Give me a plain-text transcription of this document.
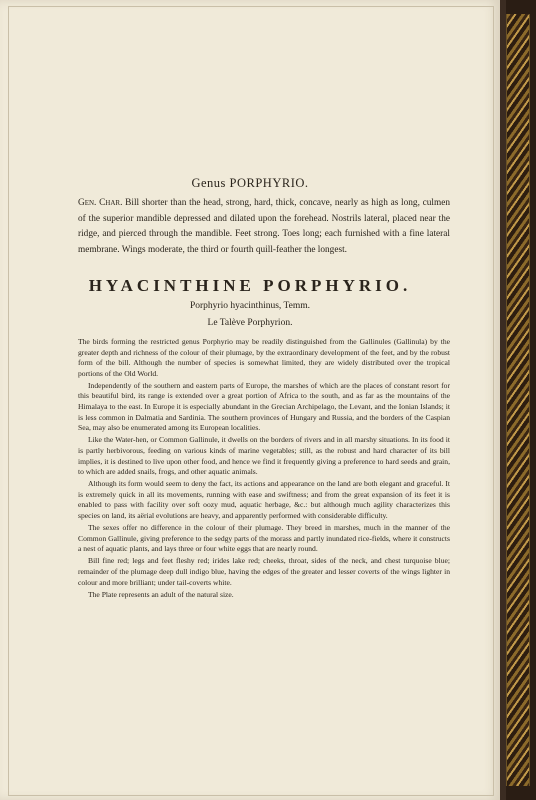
Genus PORPHYRIO.
Gen. Char. Bill shorter than the head, strong, hard, thick, concave, nearly as high as long, culmen of the superior mandible depressed and dilated upon the forehead. Nostrils lateral, placed near the ridge, and pierced through the mandible. Feet strong. Toes long; each furnished with a fine lateral membrane. Wings moderate, the third or fourth quill-feather the longest.
HYACINTHINE PORPHYRIO.
Porphyrio hyacinthinus, Temm.
Le Talève Porphyrion.

The birds forming the restricted genus Porphyrio may be readily distinguished from the Gallinules (Gallinula) by the greater depth and richness of the colour of their plumage, by the extraordinary development of the feet, and by the robust form of the bill. Although the number of species is somewhat limited, they are widely distributed over the tropical portions of the Old World.

Independently of the southern and eastern parts of Europe, the marshes of which are the places of constant resort for this beautiful bird, its range is extended over a great portion of Africa to the south, and as far as the mountains of the Himalaya to the east. In Europe it is especially abundant in the Grecian Archipelago, the Levant, and the Ionian Islands; it is less common in Dalmatia and Sardinia. The southern provinces of Hungary and Russia, and the borders of the Caspian Sea, may also be enumerated among its European localities.

Like the Water-hen, or Common Gallinule, it dwells on the borders of rivers and in all marshy situations. In its food it is partly herbivorous, feeding on various kinds of marine vegetables; still, as the robust and hard character of its bill implies, it is destined to live upon other food, and hence we find it frequently giving a preference to hard seeds and grain, to which are added snails, frogs, and other aquatic animals.

Although its form would seem to deny the fact, its actions and appearance on the land are both elegant and graceful. It is extremely quick in all its movements, running with ease and swiftness; and from the great expansion of its feet it is enabled to pass with facility over soft oozy mud, aquatic herbage, &c.: but although much agility characterizes this species on land, its aërial evolutions are heavy, and apparently performed with considerable difficulty.

The sexes offer no difference in the colour of their plumage. They breed in marshes, much in the manner of the Common Gallinule, giving preference to the sedgy parts of the morass and partly inundated rice-fields, where it constructs a nest of aquatic plants, and lays three or four white eggs that are nearly round.

Bill fine red; legs and feet fleshy red; irides lake red; cheeks, throat, sides of the neck, and chest turquoise blue; remainder of the plumage deep dull indigo blue, having the edges of the greater and lesser coverts of the wings lighter in colour and more brilliant; under tail-coverts white.

The Plate represents an adult of the natural size.
